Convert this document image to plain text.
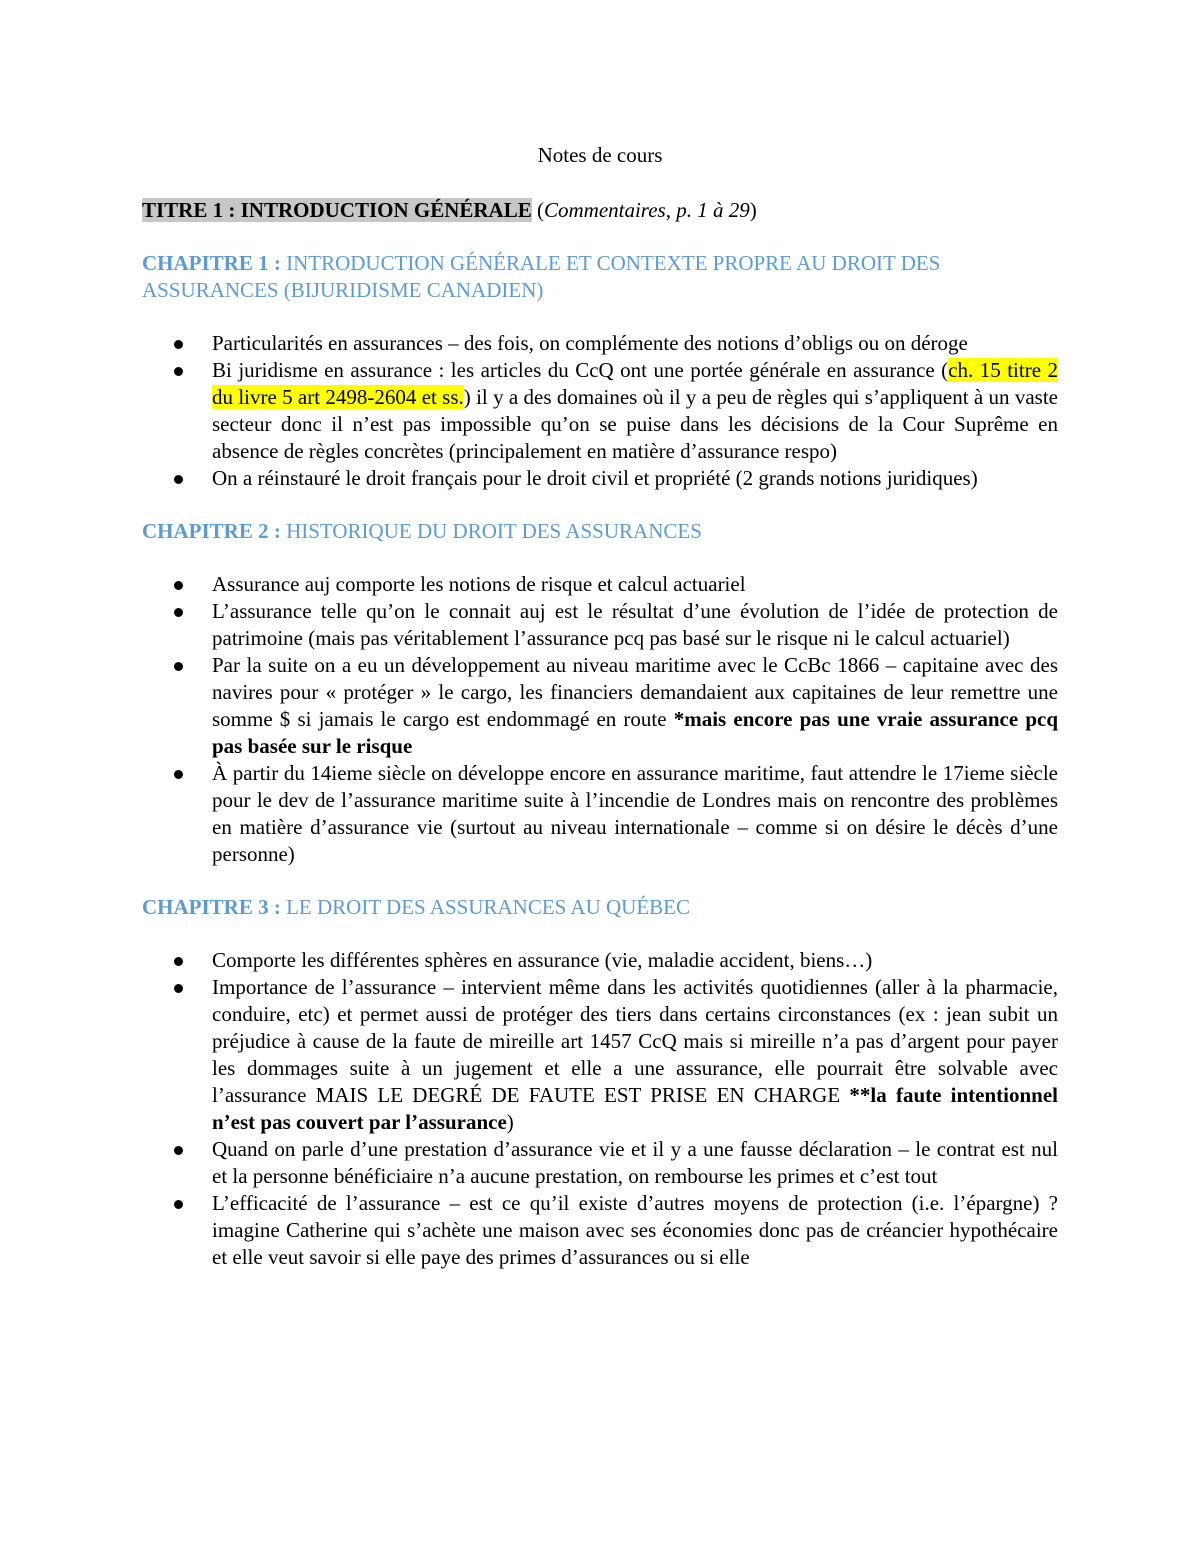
Notes de cours

TITRE 1 : INTRODUCTION GÉNÉRALE (Commentaires, p. 1 à 29)

CHAPITRE 1 : INTRODUCTION GÉNÉRALE ET CONTEXTE PROPRE AU DROIT DES ASSURANCES (BIJURIDISME CANADIEN)

Particularités en assurances – des fois, on complémente des notions d’obligs ou on déroge
Bi juridisme en assurance : les articles du CcQ ont une portée générale en assurance (ch. 15 titre 2 du livre 5 art 2498-2604 et ss.) il y a des domaines où il y a peu de règles qui s’appliquent à un vaste secteur donc il n’est pas impossible qu’on se puise dans les décisions de la Cour Suprême en absence de règles concrètes (principalement en matière d’assurance respo)
On a réinstauré le droit français pour le droit civil et propriété (2 grands notions juridiques)

CHAPITRE 2 : HISTORIQUE DU DROIT DES ASSURANCES

Assurance auj comporte les notions de risque et calcul actuariel
L’assurance telle qu’on le connait auj est le résultat d’une évolution de l’idée de protection de patrimoine (mais pas véritablement l’assurance pcq pas basé sur le risque ni le calcul actuariel)
Par la suite on a eu un développement au niveau maritime avec le CcBc 1866 – capitaine avec des navires pour « protéger » le cargo, les financiers demandaient aux capitaines de leur remettre une somme $ si jamais le cargo est endommagé en route *mais encore pas une vraie assurance pcq pas basée sur le risque
À partir du 14ieme siècle on développe encore en assurance maritime, faut attendre le 17ieme siècle pour le dev de l’assurance maritime suite à l’incendie de Londres mais on rencontre des problèmes en matière d’assurance vie (surtout au niveau internationale – comme si on désire le décès d’une personne)

CHAPITRE 3 : LE DROIT DES ASSURANCES AU QUÉBEC

Comporte les différentes sphères en assurance (vie, maladie accident, biens…)
Importance de l’assurance – intervient même dans les activités quotidiennes (aller à la pharmacie, conduire, etc) et permet aussi de protéger des tiers dans certains circonstances (ex : jean subit un préjudice à cause de la faute de mireille art 1457 CcQ mais si mireille n’a pas d’argent pour payer les dommages suite à un jugement et elle a une assurance, elle pourrait être solvable avec l’assurance MAIS LE DEGRÉ DE FAUTE EST PRISE EN CHARGE **la faute intentionnel n’est pas couvert par l’assurance)
Quand on parle d’une prestation d’assurance vie et il y a une fausse déclaration – le contrat est nul et la personne bénéficiaire n’a aucune prestation, on rembourse les primes et c’est tout
L’efficacité de l’assurance – est ce qu’il existe d’autres moyens de protection (i.e. l’épargne) ? imagine Catherine qui s’achète une maison avec ses économies donc pas de créancier hypothécaire et elle veut savoir si elle paye des primes d’assurances ou si elle
